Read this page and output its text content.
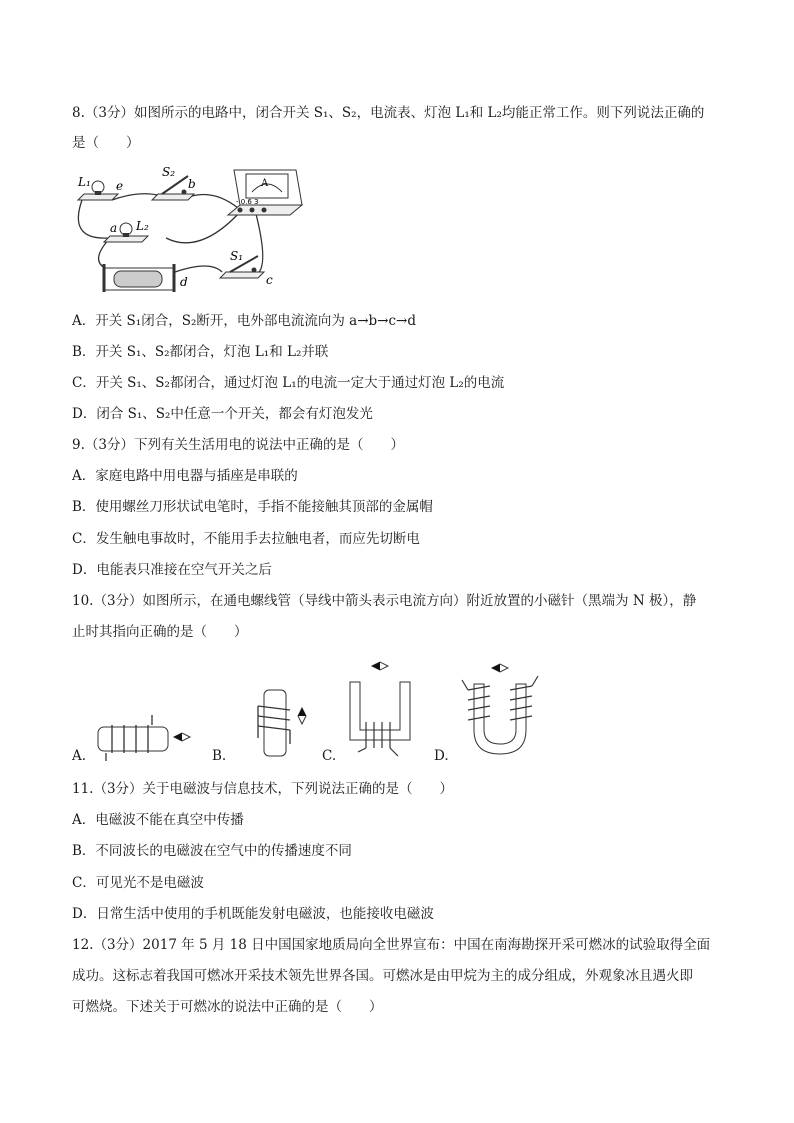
8.（3分）如图所示的电路中，闭合开关 S₁、S₂，电流表、灯泡 L₁和 L₂均能正常工作。则下列说法正确的
是（　　）
L₁ e
S₂
b	A
- 0.6 3
a L₂
d
S₁
c
A．开关 S₁闭合，S₂断开，电外部电流流向为 a→b→c→d
B．开关 S₁、S₂都闭合，灯泡 L₁和 L₂并联
C．开关 S₁、S₂都闭合，通过灯泡 L₁的电流一定大于通过灯泡 L₂的电流
D．闭合 S₁、S₂中任意一个开关，都会有灯泡发光
9.（3分）下列有关生活用电的说法中正确的是（　　）
A．家庭电路中用电器与插座是串联的
B．使用螺丝刀形状试电笔时，手指不能接触其顶部的金属帽
C．发生触电事故时，不能用手去拉触电者，而应先切断电
D．电能表只准接在空气开关之后
10.（3分）如图所示，在通电螺线管（导线中箭头表示电流方向）附近放置的小磁针（黑端为 N 极），静
止时其指向正确的是（　　）
A.	B.	C.	D.
11.（3分）关于电磁波与信息技术，下列说法正确的是（　　）
A．电磁波不能在真空中传播
B．不同波长的电磁波在空气中的传播速度不同
C．可见光不是电磁波
D．日常生活中使用的手机既能发射电磁波，也能接收电磁波
12.（3分）2017 年 5 月 18 日中国国家地质局向全世界宣布：中国在南海勘探开采可燃冰的试验取得全面
成功。这标志着我国可燃冰开采技术领先世界各国。可燃冰是由甲烷为主的成分组成，外观象冰且遇火即
可燃烧。下述关于可燃冰的说法中正确的是（　　）
